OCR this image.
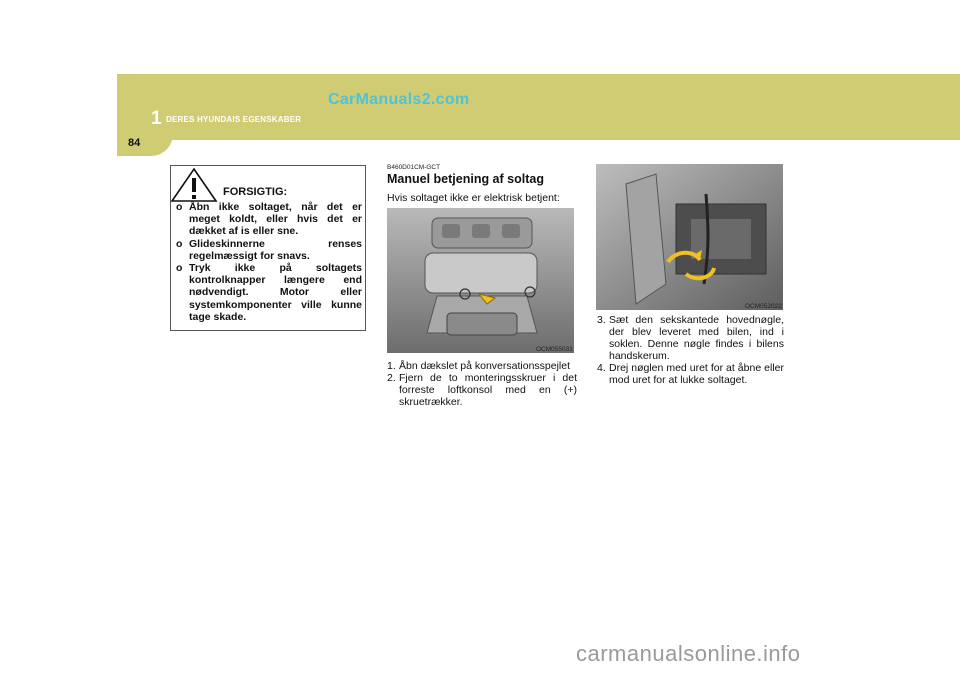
84
1 DERES HYUNDAIS EGENSKABER
CarManuals2.com
FORSIGTIG:
o Åbn ikke soltaget, når det er meget koldt, eller hvis det er dækket af is eller sne.
o Glideskinnerne renses regelmæssigt for snavs.
o Tryk ikke på soltagets kontrolknapper længere end nødvendigt. Motor eller systemkomponenter ville kunne tage skade.
B460D01CM-GCT
Manuel betjening af soltag
Hvis soltaget ikke er elektrisk betjent:
OCM055031
1. Åbn dækslet på konversationsspejlet
2. Fjern de to monteringsskruer i det forreste loftkonsol med en (+) skruetrækker.
OCM052022
3. Sæt den sekskantede hovednøgle, der blev leveret med bilen, ind i soklen. Denne nøgle findes i bilens handskerum.
4. Drej nøglen med uret for at åbne eller mod uret for at lukke soltaget.
carmanualsonline.info
